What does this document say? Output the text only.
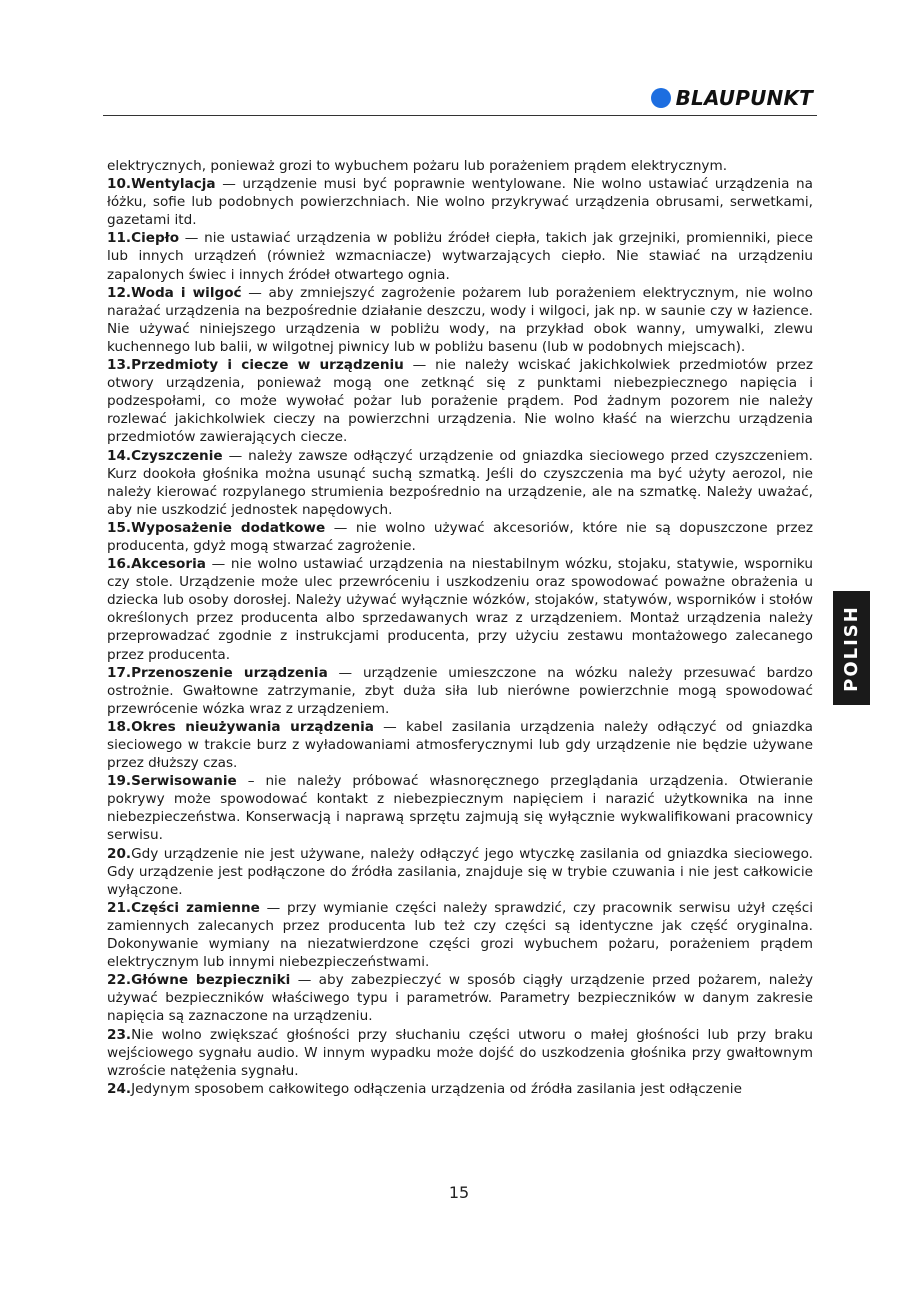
BLAUPUNKT

elektrycznych, ponieważ grozi to wybuchem pożaru lub porażeniem prądem elektrycznym.

10.Wentylacja — urządzenie musi być poprawnie wentylowane. Nie wolno ustawiać urządzenia na łóżku, sofie lub podobnych powierzchniach. Nie wolno przykrywać urządzenia obrusami, serwetkami, gazetami itd.

11.Ciepło — nie ustawiać urządzenia w pobliżu źródeł ciepła, takich jak grzejniki, promienniki, piece lub innych urządzeń (również wzmacniacze) wytwarzających ciepło. Nie stawiać na urządzeniu zapalonych świec i innych źródeł otwartego ognia.

12.Woda i wilgoć — aby zmniejszyć zagrożenie pożarem lub porażeniem elektrycznym, nie wolno narażać urządzenia na bezpośrednie działanie deszczu, wody i wilgoci, jak np. w saunie czy w łazience. Nie używać niniejszego urządzenia w pobliżu wody, na przykład obok wanny, umywalki, zlewu kuchennego lub balii, w wilgotnej piwnicy lub w pobliżu basenu (lub w podobnych miejscach).

13.Przedmioty i ciecze w urządzeniu — nie należy wciskać jakichkolwiek przedmiotów przez otwory urządzenia, ponieważ mogą one zetknąć się z punktami niebezpiecznego napięcia i podzespołami, co może wywołać pożar lub porażenie prądem. Pod żadnym pozorem nie należy rozlewać jakichkolwiek cieczy na powierzchni urządzenia. Nie wolno kłaść na wierzchu urządzenia przedmiotów zawierających ciecze.

14.Czyszczenie — należy zawsze odłączyć urządzenie od gniazdka sieciowego przed czyszczeniem. Kurz dookoła głośnika można usunąć suchą szmatką. Jeśli do czyszczenia ma być użyty aerozol, nie należy kierować rozpylanego strumienia bezpośrednio na urządzenie, ale na szmatkę. Należy uważać, aby nie uszkodzić jednostek napędowych.

15.Wyposażenie dodatkowe — nie wolno używać akcesoriów, które nie są dopuszczone przez producenta, gdyż mogą stwarzać zagrożenie.

16.Akcesoria — nie wolno ustawiać urządzenia na niestabilnym wózku, stojaku, statywie, wsporniku czy stole. Urządzenie może ulec przewróceniu i uszkodzeniu oraz spowodować poważne obrażenia u dziecka lub osoby dorosłej. Należy używać wyłącznie wózków, stojaków, statywów, wsporników i stołów określonych przez producenta albo sprzedawanych wraz z urządzeniem. Montaż urządzenia należy przeprowadzać zgodnie z instrukcjami producenta, przy użyciu zestawu montażowego zalecanego przez producenta.

17.Przenoszenie urządzenia — urządzenie umieszczone na wózku należy przesuwać bardzo ostrożnie. Gwałtowne zatrzymanie, zbyt duża siła lub nierówne powierzchnie mogą spowodować przewrócenie wózka wraz z urządzeniem.

18.Okres nieużywania urządzenia — kabel zasilania urządzenia należy odłączyć od gniazdka sieciowego w trakcie burz z wyładowaniami atmosferycznymi lub gdy urządzenie nie będzie używane przez dłuższy czas.

19.Serwisowanie – nie należy próbować własnoręcznego przeglądania urządzenia. Otwieranie pokrywy może spowodować kontakt z niebezpiecznym napięciem i narazić użytkownika na inne niebezpieczeństwa. Konserwacją i naprawą sprzętu zajmują się wyłącznie wykwalifikowani pracownicy serwisu.

20.Gdy urządzenie nie jest używane, należy odłączyć jego wtyczkę zasilania od gniazdka sieciowego. Gdy urządzenie jest podłączone do źródła zasilania, znajduje się w trybie czuwania i nie jest całkowicie wyłączone.

21.Części zamienne — przy wymianie części należy sprawdzić, czy pracownik serwisu użył części zamiennych zalecanych przez producenta lub też czy części są identyczne jak część oryginalna. Dokonywanie wymiany na niezatwierdzone części grozi wybuchem pożaru, porażeniem prądem elektrycznym lub innymi niebezpieczeństwami.

22.Główne bezpieczniki — aby zabezpieczyć w sposób ciągły urządzenie przed pożarem, należy używać bezpieczników właściwego typu i parametrów. Parametry bezpieczników w danym zakresie napięcia są zaznaczone na urządzeniu.

23.Nie wolno zwiększać głośności przy słuchaniu części utworu o małej głośności lub przy braku wejściowego sygnału audio. W innym wypadku może dojść do uszkodzenia głośnika przy gwałtownym wzroście natężenia sygnału.

24.Jedynym sposobem całkowitego odłączenia urządzenia od źródła zasilania jest odłączenie

POLISH
15
